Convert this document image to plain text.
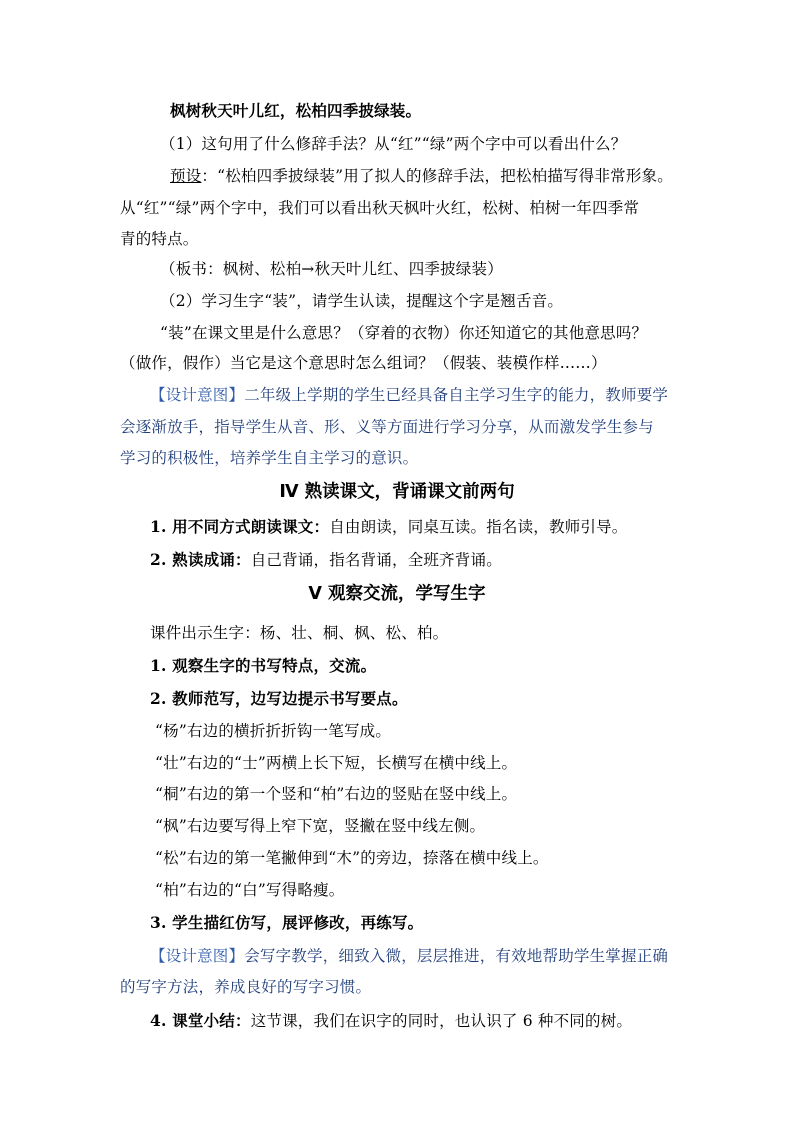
枫树秋天叶儿红，松柏四季披绿装。

（1）这句用了什么修辞手法？从“红”“绿”两个字中可以看出什么？

预设：“松柏四季披绿装”用了拟人的修辞手法，把松柏描写得非常形象。

从“红”“绿”两个字中，我们可以看出秋天枫叶火红，松树、柏树一年四季常

青的特点。

（板书：枫树、松柏→秋天叶儿红、四季披绿装）

（2）学习生字“装”，请学生认读，提醒这个字是翘舌音。

“装”在课文里是什么意思？（穿着的衣物）你还知道它的其他意思吗？

（做作，假作）当它是这个意思时怎么组词？（假装、装模作样……）

【设计意图】二年级上学期的学生已经具备自主学习生字的能力，教师要学

会逐渐放手，指导学生从音、形、义等方面进行学习分享，从而激发学生参与

学习的积极性，培养学生自主学习的意识。

Ⅳ 熟读课文，背诵课文前两句

1. 用不同方式朗读课文：自由朗读，同桌互读。指名读，教师引导。

2. 熟读成诵：自己背诵，指名背诵，全班齐背诵。

Ⅴ 观察交流，学写生字

课件出示生字：杨、壮、桐、枫、松、柏。

1. 观察生字的书写特点，交流。

2. 教师范写，边写边提示书写要点。

“杨”右边的横折折折钩一笔写成。

“壮”右边的“士”两横上长下短，长横写在横中线上。

“桐”右边的第一个竖和“柏”右边的竖贴在竖中线上。

“枫”右边要写得上窄下宽，竖撇在竖中线左侧。

“松”右边的第一笔撇伸到“木”的旁边，捺落在横中线上。

“柏”右边的“白”写得略瘦。

3. 学生描红仿写，展评修改，再练写。

【设计意图】会写字教学，细致入微，层层推进，有效地帮助学生掌握正确

的写字方法，养成良好的写字习惯。

4. 课堂小结：这节课，我们在识字的同时，也认识了 6 种不同的树。
